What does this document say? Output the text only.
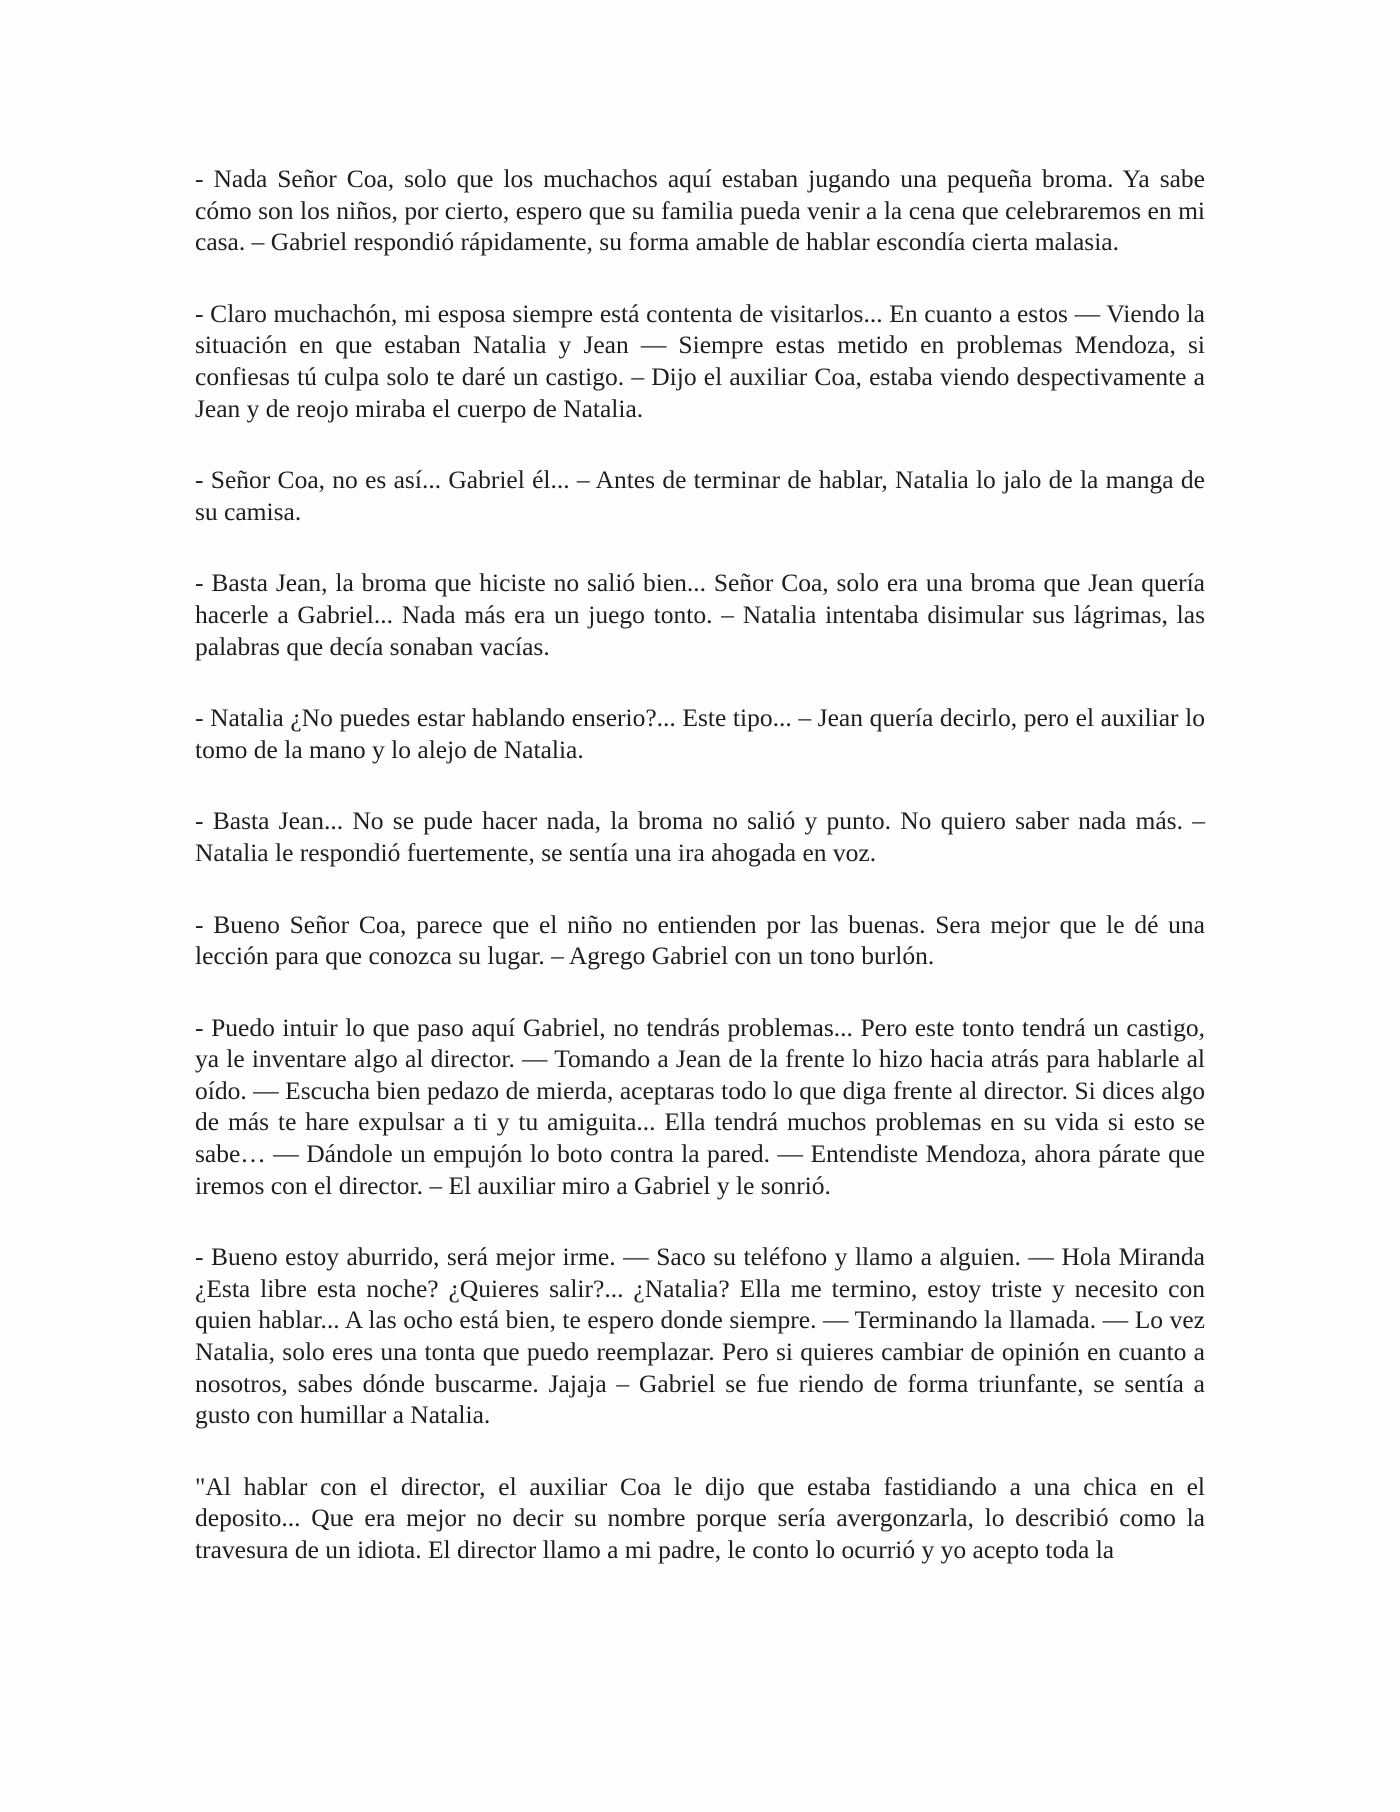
- Nada Señor Coa, solo que los muchachos aquí estaban jugando una pequeña broma. Ya sabe cómo son los niños, por cierto, espero que su familia pueda venir a la cena que celebraremos en mi casa. – Gabriel respondió rápidamente, su forma amable de hablar escondía cierta malasia.

- Claro muchachón, mi esposa siempre está contenta de visitarlos... En cuanto a estos — Viendo la situación en que estaban Natalia y Jean — Siempre estas metido en problemas Mendoza, si confiesas tú culpa solo te daré un castigo. – Dijo el auxiliar Coa, estaba viendo despectivamente a Jean y de reojo miraba el cuerpo de Natalia.

- Señor Coa, no es así... Gabriel él... – Antes de terminar de hablar, Natalia lo jalo de la manga de su camisa.

- Basta Jean, la broma que hiciste no salió bien... Señor Coa, solo era una broma que Jean quería hacerle a Gabriel... Nada más era un juego tonto. – Natalia intentaba disimular sus lágrimas, las palabras que decía sonaban vacías.

- Natalia ¿No puedes estar hablando enserio?... Este tipo... – Jean quería decirlo, pero el auxiliar lo tomo de la mano y lo alejo de Natalia.

- Basta Jean... No se pude hacer nada, la broma no salió y punto. No quiero saber nada más. – Natalia le respondió fuertemente, se sentía una ira ahogada en voz.

- Bueno Señor Coa, parece que el niño no entienden por las buenas. Sera mejor que le dé una lección para que conozca su lugar. – Agrego Gabriel con un tono burlón.

- Puedo intuir lo que paso aquí Gabriel, no tendrás problemas... Pero este tonto tendrá un castigo, ya le inventare algo al director. — Tomando a Jean de la frente lo hizo hacia atrás para hablarle al oído. — Escucha bien pedazo de mierda, aceptaras todo lo que diga frente al director. Si dices algo de más te hare expulsar a ti y tu amiguita... Ella tendrá muchos problemas en su vida si esto se sabe… — Dándole un empujón lo boto contra la pared. — Entendiste Mendoza, ahora párate que iremos con el director. – El auxiliar miro a Gabriel y le sonrió.

- Bueno estoy aburrido, será mejor irme. — Saco su teléfono y llamo a alguien. — Hola Miranda ¿Esta libre esta noche? ¿Quieres salir?... ¿Natalia? Ella me termino, estoy triste y necesito con quien hablar... A las ocho está bien, te espero donde siempre. — Terminando la llamada. — Lo vez Natalia, solo eres una tonta que puedo reemplazar. Pero si quieres cambiar de opinión en cuanto a nosotros, sabes dónde buscarme. Jajaja – Gabriel se fue riendo de forma triunfante, se sentía a gusto con humillar a Natalia.

"Al hablar con el director, el auxiliar Coa le dijo que estaba fastidiando a una chica en el deposito... Que era mejor no decir su nombre porque sería avergonzarla, lo describió como la travesura de un idiota. El director llamo a mi padre, le conto lo ocurrió y yo acepto toda la
